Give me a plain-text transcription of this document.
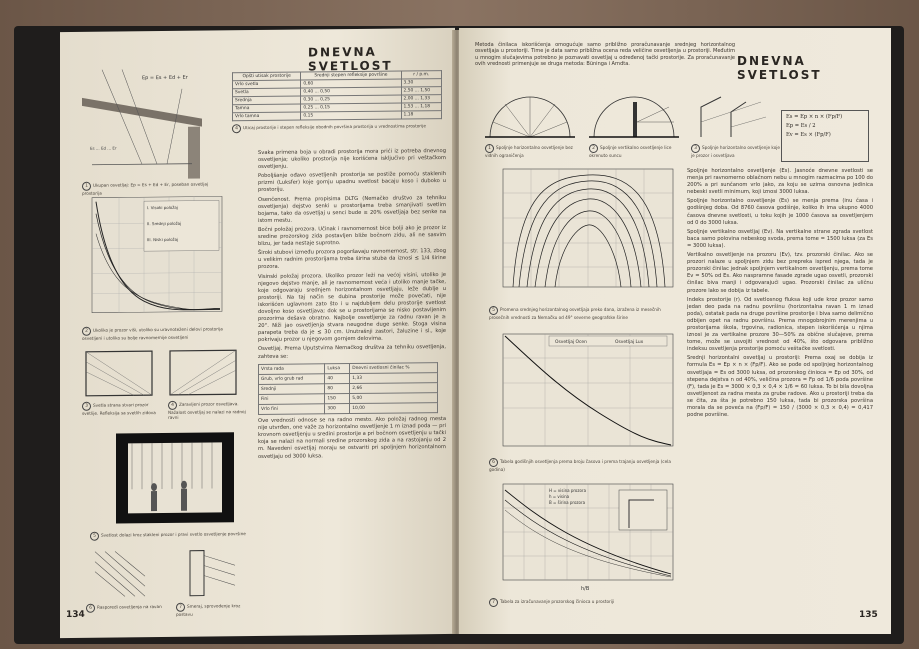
DNEVNA SVETLOST
Ep = Es + Ed + Er
Es ... Ed ... Er
1 Ukupan osvetljaj: Ep = Es + Ed + Er, poseban osvetljaj prostorija
Opšti utisak prostorije	Srednji stepen refleksije površine	r / p.m.
Vrlo svetla	0,60	3,30
Svetla	0,40 ... 0,50	2,50 ... 1,50
Srednja	0,30 ... 0,25	2,00 ... 1,33
Tamna	0,25 ... 0,15	1,53 ... 1,18
Vrlo tamna	0,15	1,18
4 Uticaj prostorije i stepen refleksije obodnih površina prostorija u vrednostima prostorije
I. Visoki položaj
II. Srednji položaj
III. Niski položaj
2 Ukoliko je prozor viši, utoliko su uravnoteženi delovi prostorija osvetljeni i utoliko su bolje ravnomernije osvetljeni
3 Svetla strana stvari prozor svetlije. Refleksija sa svetlih zidova
4 Zaravljeni prozor osvetljava. Nažalost osvetljaj se nalazi na radnoj ravni
5 Svetlost dolazi kroz stakleni prozor i pravi svetlo osvetljenje površine
6 Rasporedi osvetljenja na ravan	7 Smeraj, sprovodenje kroz postavu

Svaka primena boja u obradi prostorija mora prići iz potreba dnevnog osvetljenja; ukoliko prostorija nije korišćena isključivo pri veštačkom osvetljenju.

Pobolјšanje ođavo osvetljenih prostorija se postiže pomoću staklenih prizmi (Luksfer) koje gornju upadnu svetlost bacaju koso i duboko u prostoriju.

Osenčenost. Prema propisima DLTG (Nemačko društvo za tehniku osvetljenja) dejstvo senki u prostorijama treba smanjivati svetlim bojama, tako da osvetljaj u senci bude ≥ 20% osvetljaja bez senke na istom mestu.

Bočni položaj prozora. Učinak i ravnomernost bice bolji ako je prozor iz sredine prozorskog zida postavljen bliže bočnom zidu, ali ne sasvim blizu, jer tada nestaje suprotno.

Široki stubovi između prozora pogoršavaju ravnomernost, str. 133, zbog u velikim radnim prostorijama treba širina stuba da iznosi ≤ 1/4 širine prozora.

Visinski položaj prozora. Ukoliko prozor leži na većoj visini, utoliko je njegovo dejstvo manje, ali je ravnomernost veća i utoliko manje tačke, koje odgovaraju srednjem horizontalnom osvetljaju, leže dublje u prostoriji. Na taj način se dubina prostorije može povećati, nije iskorišćen uglavnom zato što i u najdubljem delu prostorije svetlost dovoljno koso osvetljava; dok se u prostorijama se nisko postavljenim prozorima dešava obratno. Najbolje osvetljenje za radnu ravan je ≥ 20°. Niži jao osvetljenja stvara neugodne duge senke. Stoga visina parapeta treba da je ≤ 30 cm. Unutrašnji zastori, žaluzine i sl., koje pokrivaju prozor u njegovom gornjem delovima.

Osvetljaj. Prema Uputstvima Nemačkog društva za tehniku osvetljenja, zahteva se:

Vrsta rada	Luksa	Dnevni svetlosni činilac %
Grub, vrlo grub rad	40	1,33
Srednji	80	2,66
Fini	150	5,00
Vrlo fini	300	10,00

Ove vrednosti odnose se na radno mesto. Ako položaj radnog mesta nije utvrđen, one važe za horizontalno osvetljenje 1 m iznad poda — pri krovnom osvetljenju u sredini prostorije a pri bočnom osvetljenju u tački koja se nalazi na normali sredine prozorskog zida a na rastojanju od 2 m. Navedeni osvetljaj moraju se ostvariti pri spoljnjem horizontalnom osvetljaju od 3000 luksa.

134
Metoda činilaca iskorišćenja omogućuje samo približno proračunavanje srednjeg horizontalnog osvetljaja u prostoriji. Time je data samo približna ocena reda veličine osvetljenja u prostoriji. Međutim u mnogim slučajevima potrebno je poznavati osvetljaj u određenoj tački prostorije. Za proračunavanje ovih vrednosti primenjuje se druga metoda: Büninga i Arndta.	DNEVNA SVETLOST
Es = Ep × n × (Fp/F)
Ep = Es / 2
Ev = Es × (Fp/F)
1 Spoljnje horizontalno osvetljenje bez vidnih ograničenja
2 Spoljnje vertikalno osvetljenje lice okrenuto suncu
3 Spoljnje horizontalno osvetljenje koje je prozor i osvetljava
5 Promena srednjeg horizontalnog osvetljaja preko dana, izražena iz mesečnih prosečnih vrednosti za Nemačku od 49° severne geografske širine
Osvetljaj Ocen	Osvetljaj Lux
6 Tabela godišnjih osvetljenja prema broju časova i prema trajanju osvetljenja (cela godina)
H = visina prozora
h = visina
B = širina prozora
h/B
7 Tabela za izračunavanje prozorskog činioca u prostoriji

Spoljnje horizontalno osvetljenje (Es). Jasnoće dnevne svetlosti se menja pri ravnomerno oblačnom nebu u mnogim razmacima po 100 do 200% a pri sunčanom vrlo jako, za koju se uzima osnovna jedinica nebeski svetli minimum, koji iznosi 3000 luksa.

Spoljnje horizontalno osvetljenje (Es) se menja prema (inu časa i godišnjeg doba. Od 8760 časova godišnje, koliko ih ima ukupno 4000 časova dnevne svetlosti, u toku kojih je 1000 časova sa osvetljenjem od 0 do 3000 luksa.

Spoljnje vertikalno osvetljaj (Ev). Na vertikalne strane zgrada svetlost baca samo polovina nebeskog svoda, prema tome = 1500 luksa (za Es = 3000 luksa).

Vertikalno osvetljenje na prozoru (Ev), tzv. prozorski činilac. Ako se prozori nalaze u spoljnjem zidu bez prepreka ispred njega, tada je prozorski činilac jednak spoljnjem vertikalnom osvetljenju, prema tome Ev = 50% od Es. Ako naspramne fasade zgrade ugao osvetli, prozorski činilac biva manji i odgovarajući ugao. Prozorski činilac za uličnu prozore lako se dobija iz tabele.

Indeks prostorije (r). Od svetlosnog fluksa koji ude kroz prozor samo jedan deo pada na radnu površinu (horizontalna ravan 1 m iznad poda), ostatak pada na druge površine prostorije i biva samo delimično odbijen opet na radnu površinu. Prema mnogobrojnim merenjima u prostorijama škola, trgovina, radionica, stepen iskorišćenja u njima iznosi je za vertikalne prozore 30—50% za obične slučajeve, prema tome, može se usvojiti vrednost od 40%, što odgovara približno indeksu osvetljenja prostorije pomoću veštačke svetlosti.

Srednji horizontalni osvetljaj u prostoriji: Prema oxaj se dobija iz formula Es = Ep × n × (Fp/F). Ako se pođe od spoljnjeg horizontalnog osvetljaja = Es od 3000 luksa, od prozorskog činioca = Ep od 30%, od stepena dejstva n od 40%, veličina prozora = Fp od 1/6 poda površine (F), tada je Es = 3000 × 0,3 × 0,4 × 1/6 = 60 luksa. To bi bila dovoljna osvetljenost za radna mesta za grube radove. Ako u prostoriji treba da se čita, za šta je potrebno 150 luksa, tada bi prozorska površina morala da se poveća na (Fp/F) = 150 / (3000 × 0,3 × 0,4) = 0,417 podne površine.

135
